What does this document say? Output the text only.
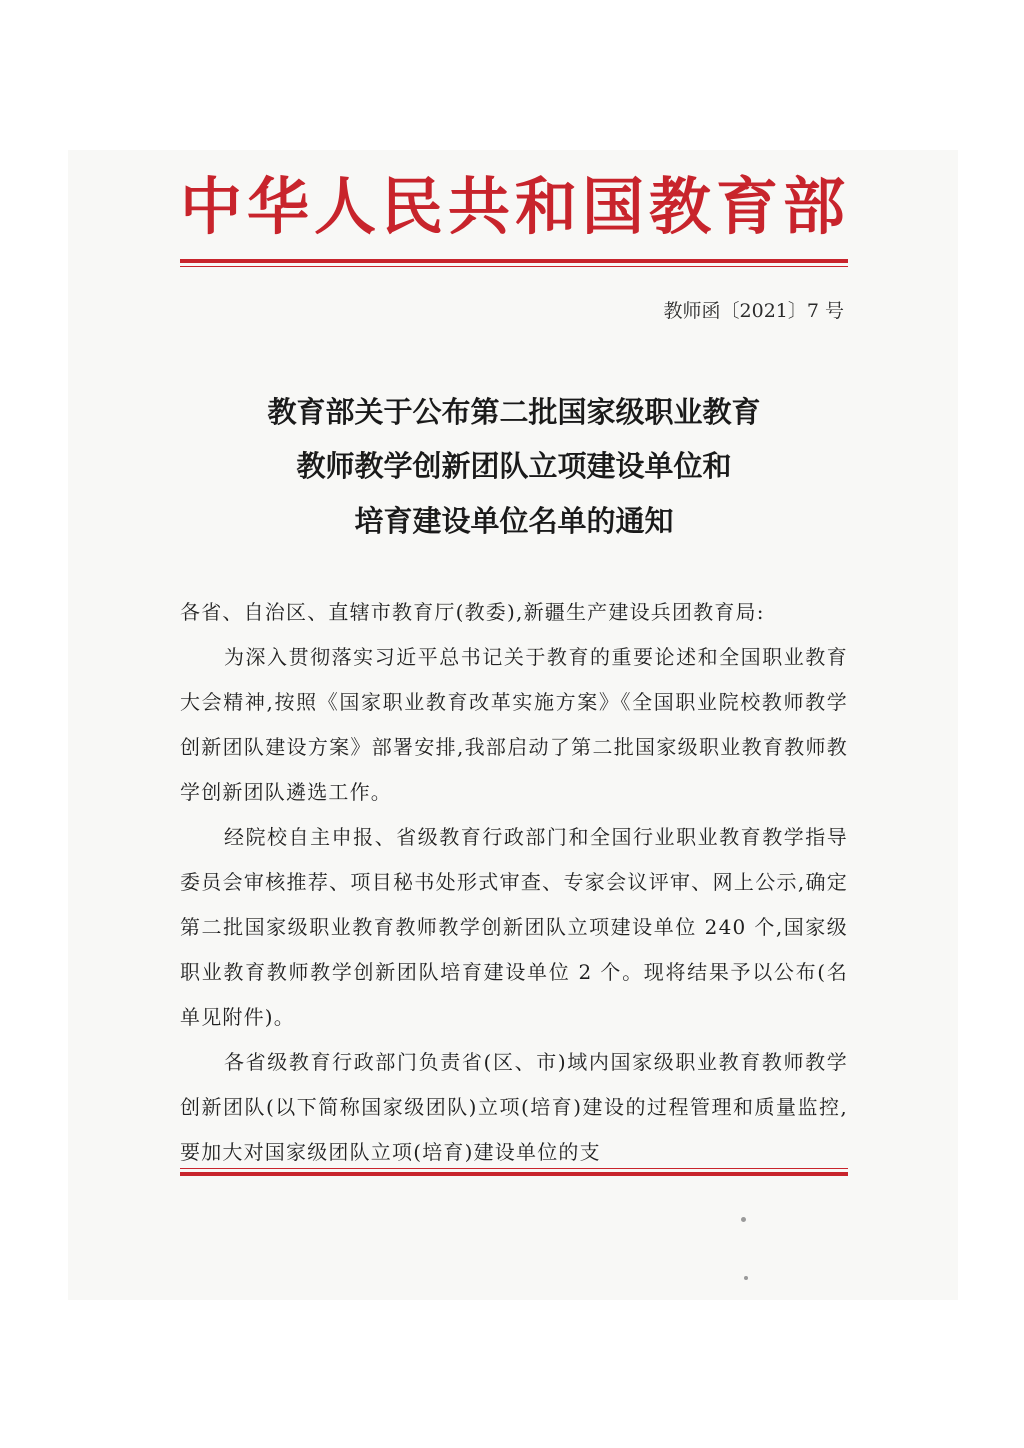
中华人民共和国教育部
教师函〔2021〕7 号
教育部关于公布第二批国家级职业教育
教师教学创新团队立项建设单位和
培育建设单位名单的通知

各省、自治区、直辖市教育厅(教委),新疆生产建设兵团教育局:

为深入贯彻落实习近平总书记关于教育的重要论述和全国职业教育大会精神,按照《国家职业教育改革实施方案》《全国职业院校教师教学创新团队建设方案》部署安排,我部启动了第二批国家级职业教育教师教学创新团队遴选工作。

经院校自主申报、省级教育行政部门和全国行业职业教育教学指导委员会审核推荐、项目秘书处形式审查、专家会议评审、网上公示,确定第二批国家级职业教育教师教学创新团队立项建设单位 240 个,国家级职业教育教师教学创新团队培育建设单位 2 个。现将结果予以公布(名单见附件)。

各省级教育行政部门负责省(区、市)域内国家级职业教育教师教学创新团队(以下简称国家级团队)立项(培育)建设的过程管理和质量监控,要加大对国家级团队立项(培育)建设单位的支
